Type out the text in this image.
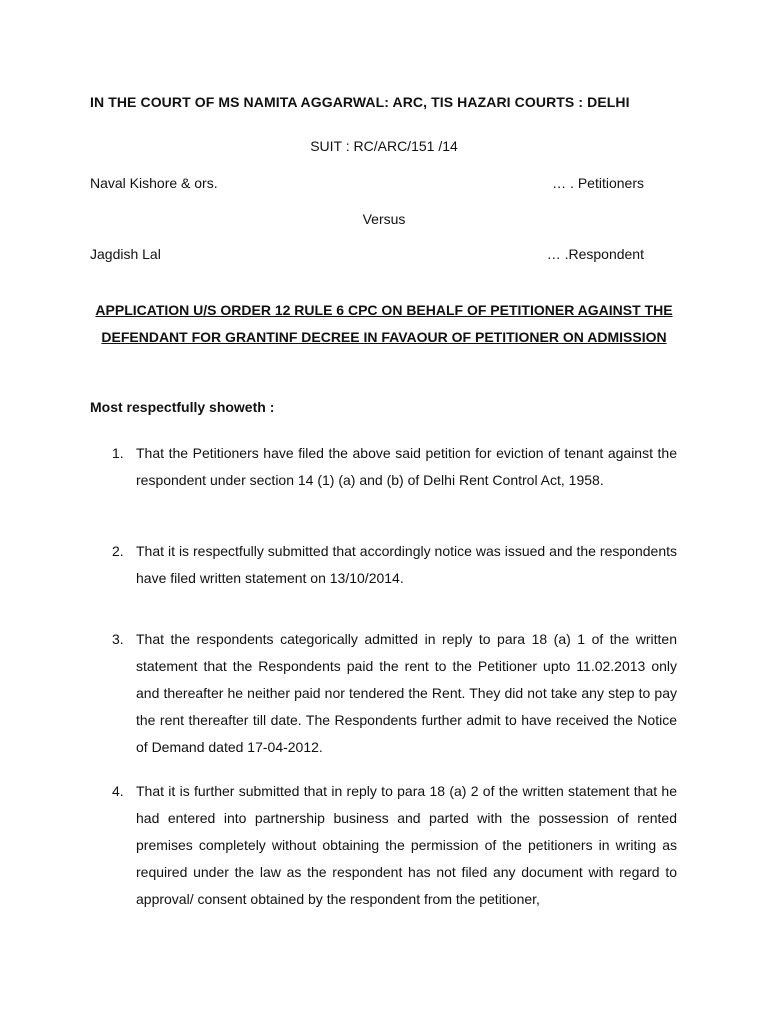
IN THE COURT OF MS NAMITA AGGARWAL: ARC, TIS HAZARI COURTS : DELHI
SUIT : RC/ARC/151 /14
Naval Kishore & ors.	… . Petitioners
Versus
Jagdish Lal	… .Respondent
APPLICATION U/S ORDER 12 RULE 6 CPC ON BEHALF OF PETITIONER AGAINST THE DEFENDANT FOR GRANTINF DECREE IN FAVAOUR OF PETITIONER ON ADMISSION
Most respectfully showeth :
1. That the Petitioners have filed the above said petition for eviction of tenant against the respondent under section 14 (1) (a) and (b) of Delhi Rent Control Act, 1958.
2. That it is respectfully submitted that accordingly notice was issued and the respondents have filed written statement on 13/10/2014.
3. That the respondents categorically admitted in reply to para 18 (a) 1 of the written statement that the Respondents paid the rent to the Petitioner upto 11.02.2013 only and thereafter he neither paid nor tendered the Rent. They did not take any step to pay the rent thereafter till date. The Respondents further admit to have received the Notice of Demand dated 17-04-2012.
4. That it is further submitted that in reply to para 18 (a) 2 of the written statement that he had entered into partnership business and parted with the possession of rented premises completely without obtaining the permission of the petitioners in writing as required under the law as the respondent has not filed any document with regard to approval/ consent obtained by the respondent from the petitioner,
